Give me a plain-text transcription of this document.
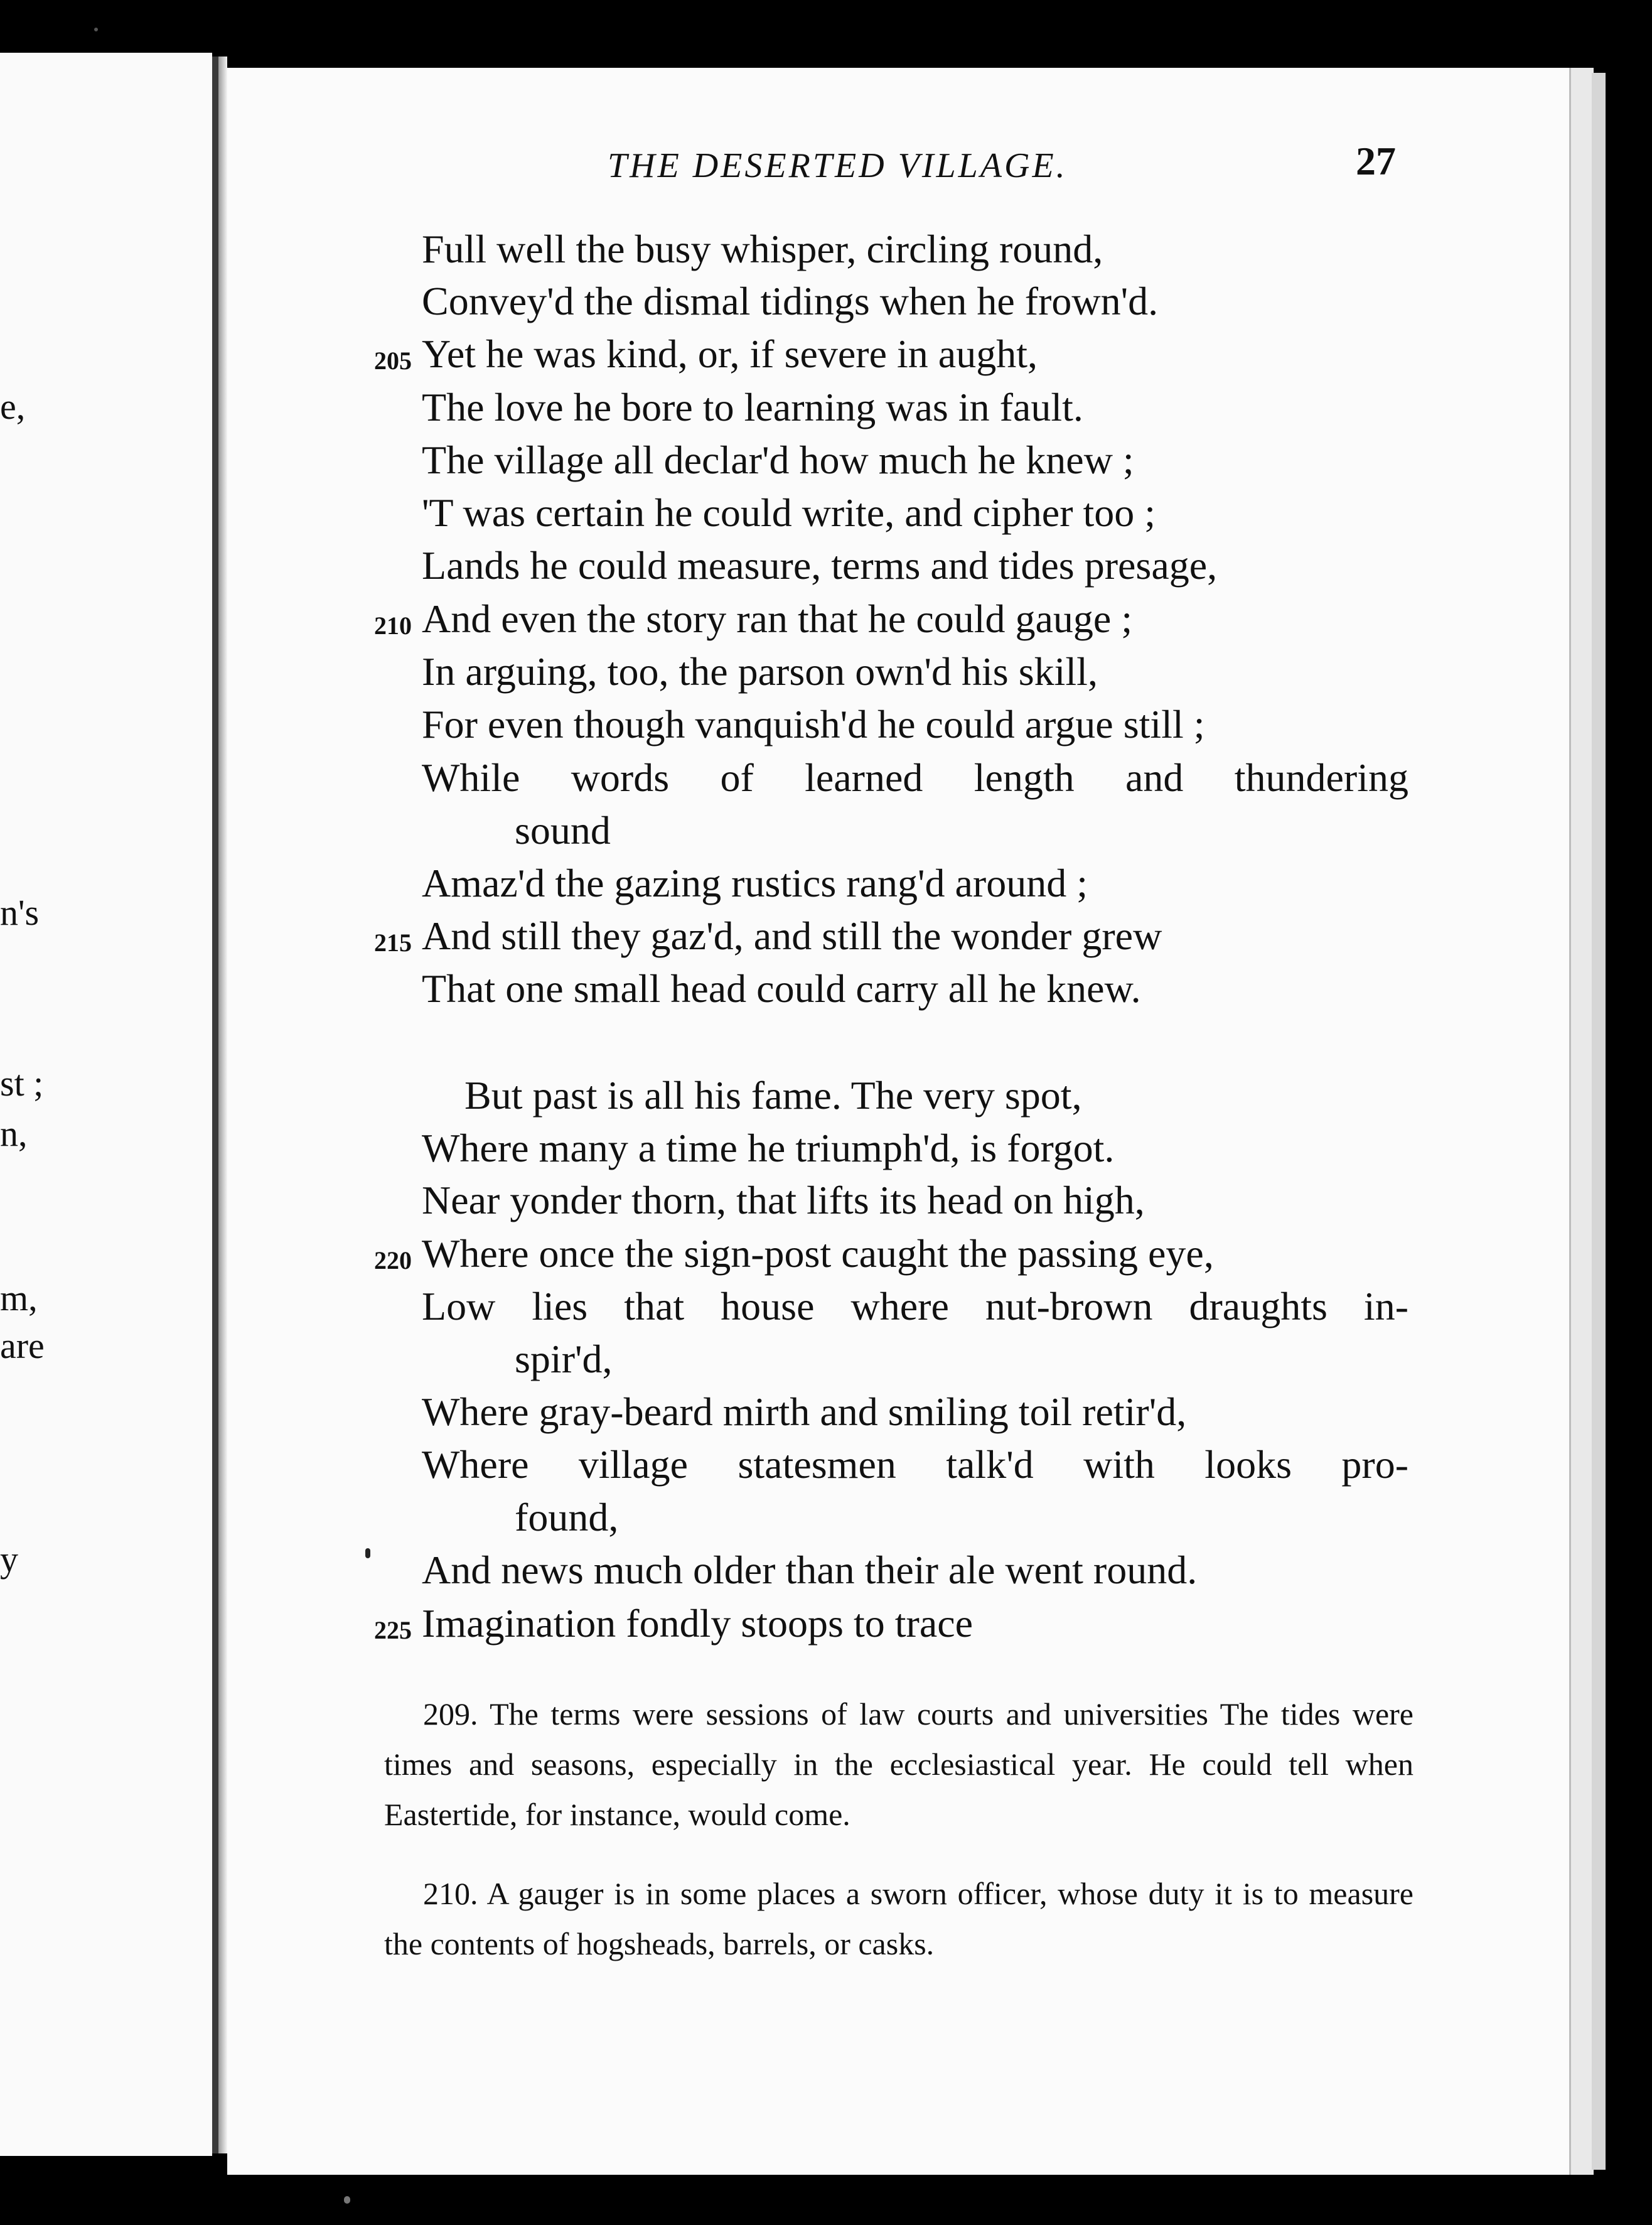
e,
n's
st ;
n,
m,
are
y
THE DESERTED VILLAGE.	27
Full well the busy whisper, circling round,
Convey'd the dismal tidings when he frown'd.
205 Yet he was kind, or, if severe in aught,
The love he bore to learning was in fault.
The village all declar'd how much he knew ;
'T was certain he could write, and cipher too ;
Lands he could measure, terms and tides presage,
210 And even the story ran that he could gauge ;
In arguing, too, the parson own'd his skill,
For even though vanquish'd he could argue still ;
While words of learned length and thundering
sound
Amaz'd the gazing rustics rang'd around ;
215 And still they gaz'd, and still the wonder grew
That one small head could carry all he knew.
But past is all his fame. The very spot,
Where many a time he triumph'd, is forgot.
Near yonder thorn, that lifts its head on high,
220 Where once the sign-post caught the passing eye,
Low lies that house where nut-brown draughts in-
spir'd,
Where gray-beard mirth and smiling toil retir'd,
Where village statesmen talk'd with looks pro-
found,
And news much older than their ale went round.
225 Imagination fondly stoops to trace
209. The terms were sessions of law courts and universities The tides were times and seasons, especially in the ecclesiastical year. He could tell when Eastertide, for instance, would come.
210. A gauger is in some places a sworn officer, whose duty it is to measure the contents of hogsheads, barrels, or casks.
